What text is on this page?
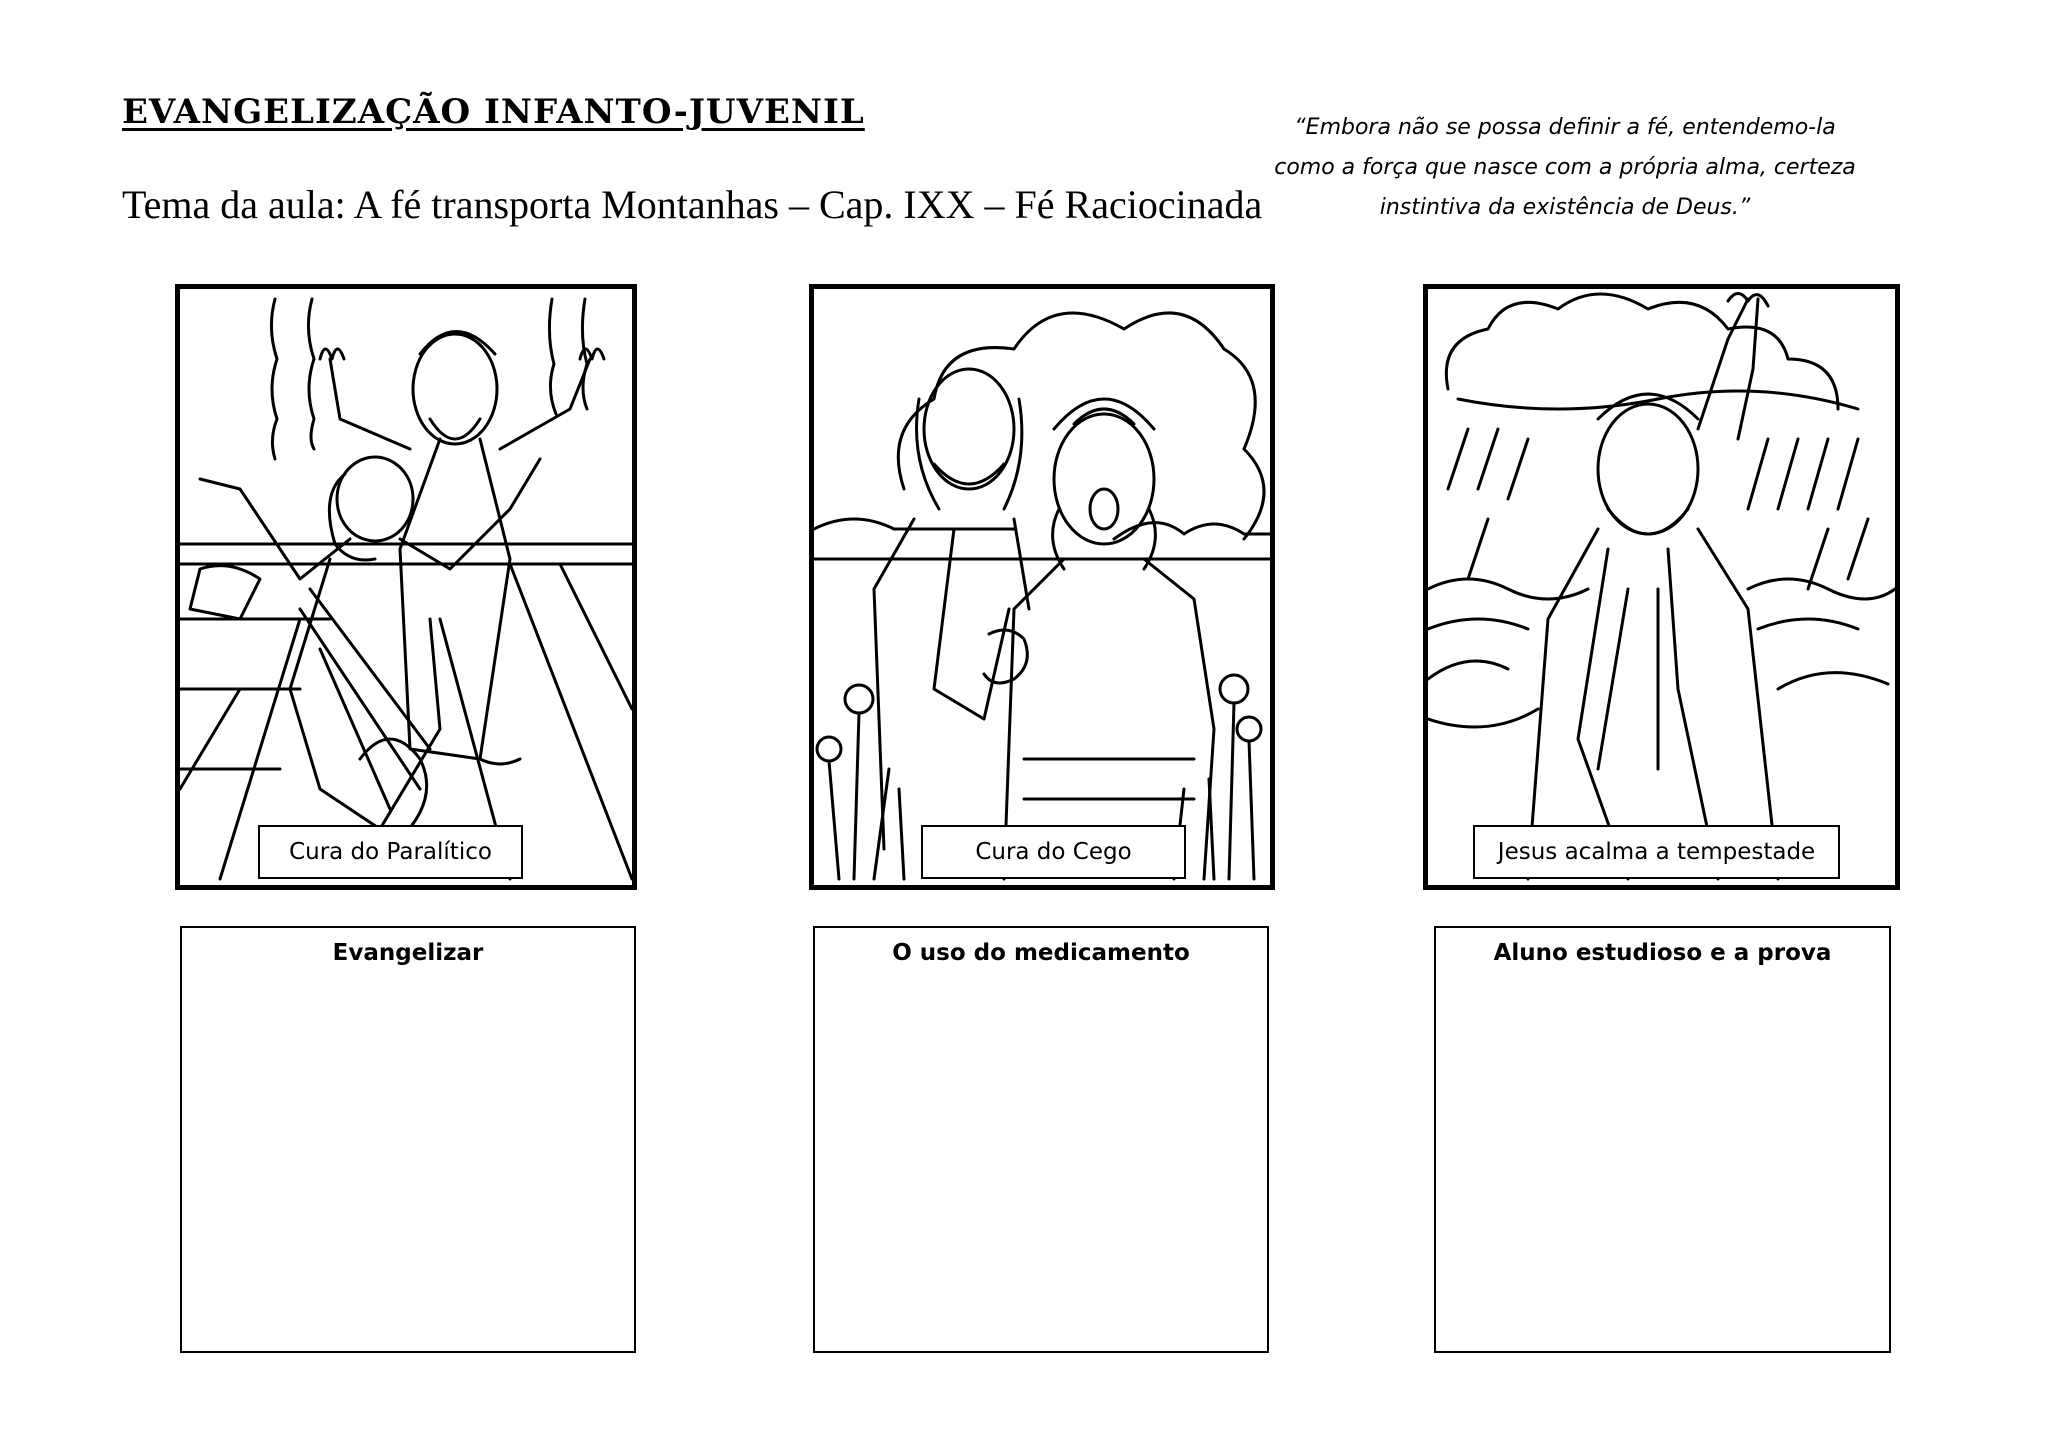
EVANGELIZAÇÃO INFANTO-JUVENIL
Tema da aula: A fé transporta Montanhas – Cap. IXX – Fé Raciocinada
“Embora não se possa definir a fé, entendemo-la
como a força que nasce com a própria alma, certeza
instintiva da existência de Deus.”
Cura do Paralítico	Cura do Cego	Jesus acalma a tempestade
Evangelizar	O uso do medicamento	Aluno estudioso e a prova
